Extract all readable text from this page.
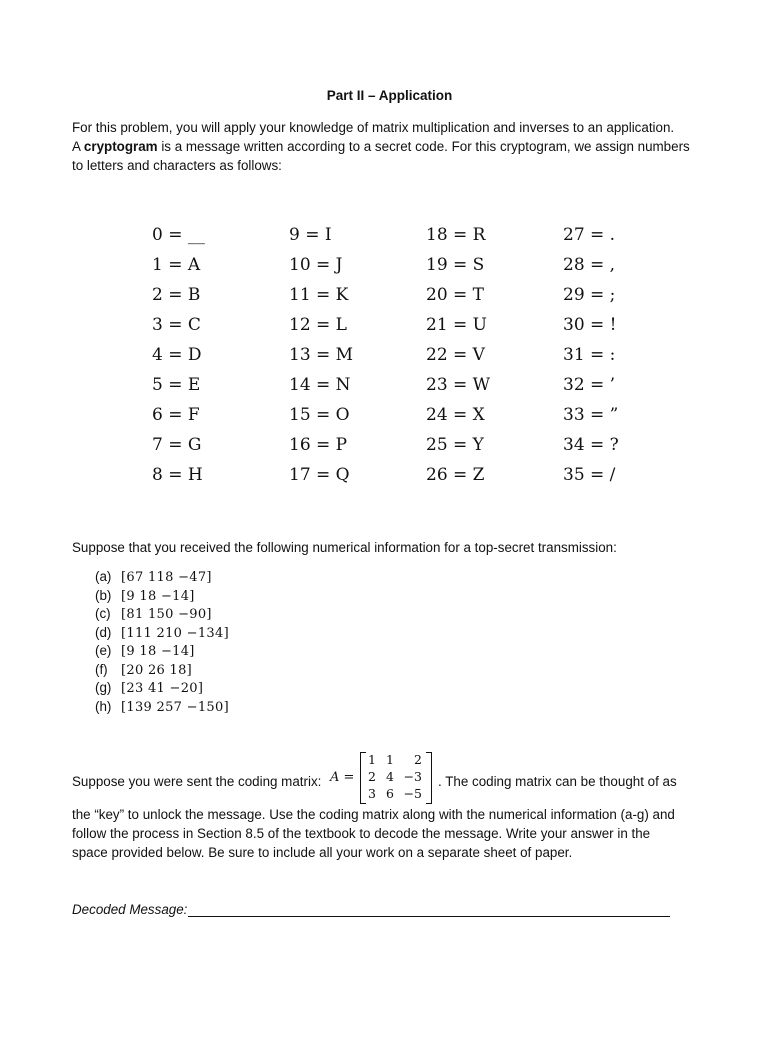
Part II – Application
For this problem, you will apply your knowledge of matrix multiplication and inverses to an application.
A cryptogram is a message written according to a secret code. For this cryptogram, we assign numbers
to letters and characters as follows:
0 = __
1 = A
2 = B
3 = C
4 = D
5 = E
6 = F
7 = G
8 = H
9 = I
10 = J
11 = K
12 = L
13 = M
14 = N
15 = O
16 = P
17 = Q
18 = R
19 = S
20 = T
21 = U
22 = V
23 = W
24 = X
25 = Y
26 = Z
27 = .
28 = ,
29 = ;
30 = !
31 = :
32 = ’
33 = ”
34 = ?
35 = /
Suppose that you received the following numerical information for a top-secret transmission:
(a) [67 118 −47]
(b) [9 18 −14]
(c) [81 150 −90]
(d) [111 210 −134]
(e) [9 18 −14]
(f) [20 26 18]
(g) [23 41 −20]
(h) [139 257 −150]
Suppose you were sent the coding matrix: A =
1 1	2
2 4 −3
3 6 −5
. The coding matrix can be thought of as
the “key” to unlock the message. Use the coding matrix along with the numerical information (a-g) and
follow the process in Section 8.5 of the textbook to decode the message. Write your answer in the
space provided below. Be sure to include all your work on a separate sheet of paper.
Decoded Message:
